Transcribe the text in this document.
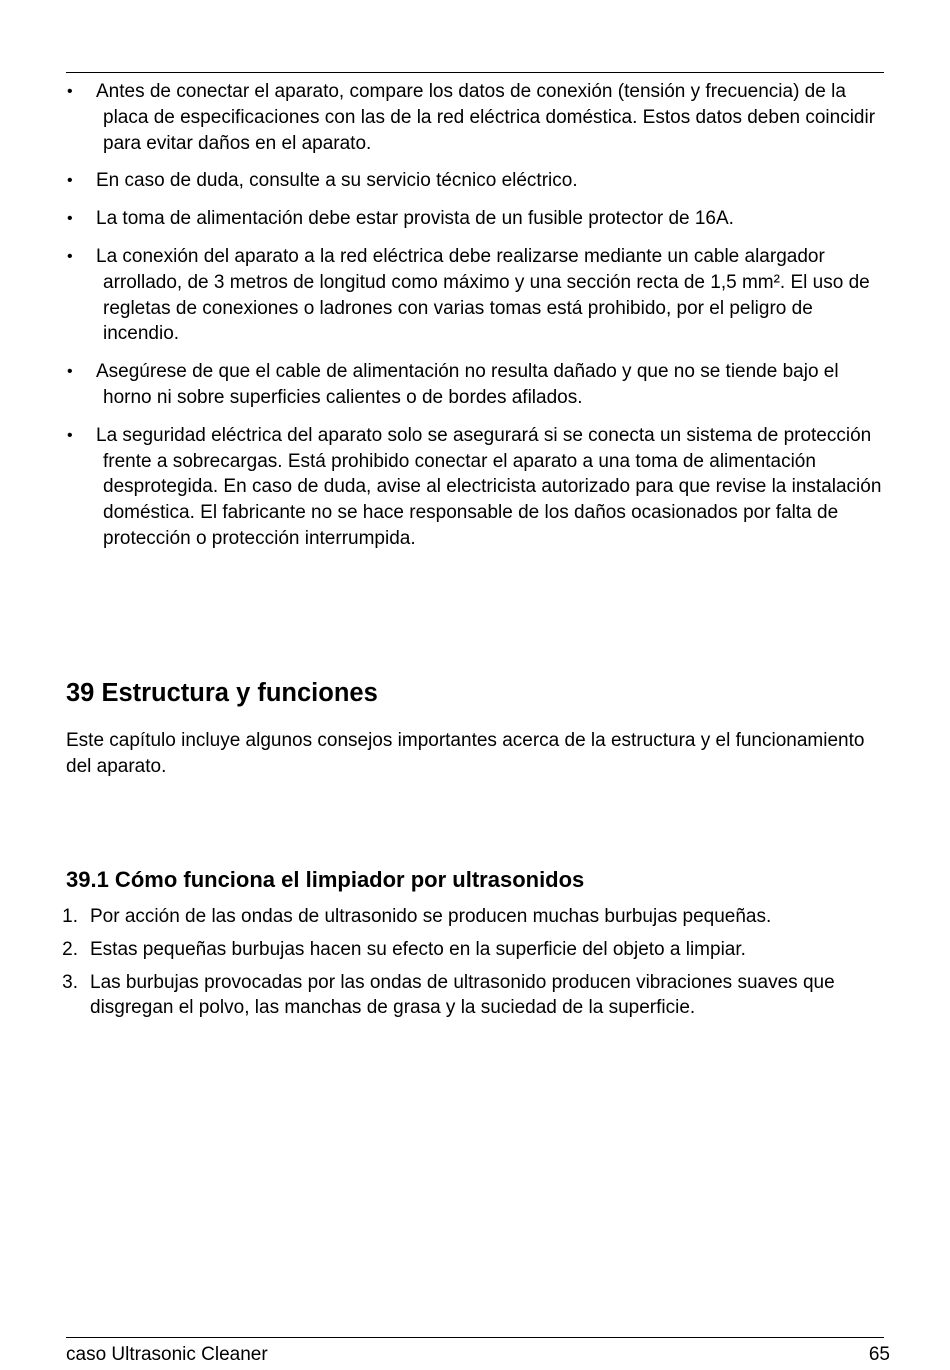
• Antes de conectar el aparato, compare los datos de conexión (tensión y frecuencia) de la placa de especificaciones con las de la red eléctrica doméstica. Estos datos deben coincidir para evitar daños en el aparato.
• En caso de duda, consulte a su servicio técnico eléctrico.
• La toma de alimentación debe estar provista de un fusible protector de 16A.
• La conexión del aparato a la red eléctrica debe realizarse mediante un cable alargador arrollado, de 3 metros de longitud como máximo y una sección recta de 1,5 mm². El uso de regletas de conexiones o ladrones con varias tomas está prohibido, por el peligro de incendio.
• Asegúrese de que el cable de alimentación no resulta dañado y que no se tiende bajo el horno ni sobre superficies calientes o de bordes afilados.
• La seguridad eléctrica del aparato solo se asegurará si se conecta un sistema de protección frente a sobrecargas. Está prohibido conectar el aparato a una toma de alimentación desprotegida. En caso de duda, avise al electricista autorizado para que revise la instalación doméstica. El fabricante no se hace responsable de los daños ocasionados por falta de protección o protección interrumpida.
39 Estructura y funciones

Este capítulo incluye algunos consejos importantes acerca de la estructura y el funcionamiento del aparato.

39.1 Cómo funciona el limpiador por ultrasonidos
1. Por acción de las ondas de ultrasonido se producen muchas burbujas pequeñas.
2. Estas pequeñas burbujas hacen su efecto en la superficie del objeto a limpiar.
3. Las burbujas provocadas por las ondas de ultrasonido producen vibraciones suaves que disgregan el polvo, las manchas de grasa y la suciedad de la superficie.
caso Ultrasonic Cleaner	65
